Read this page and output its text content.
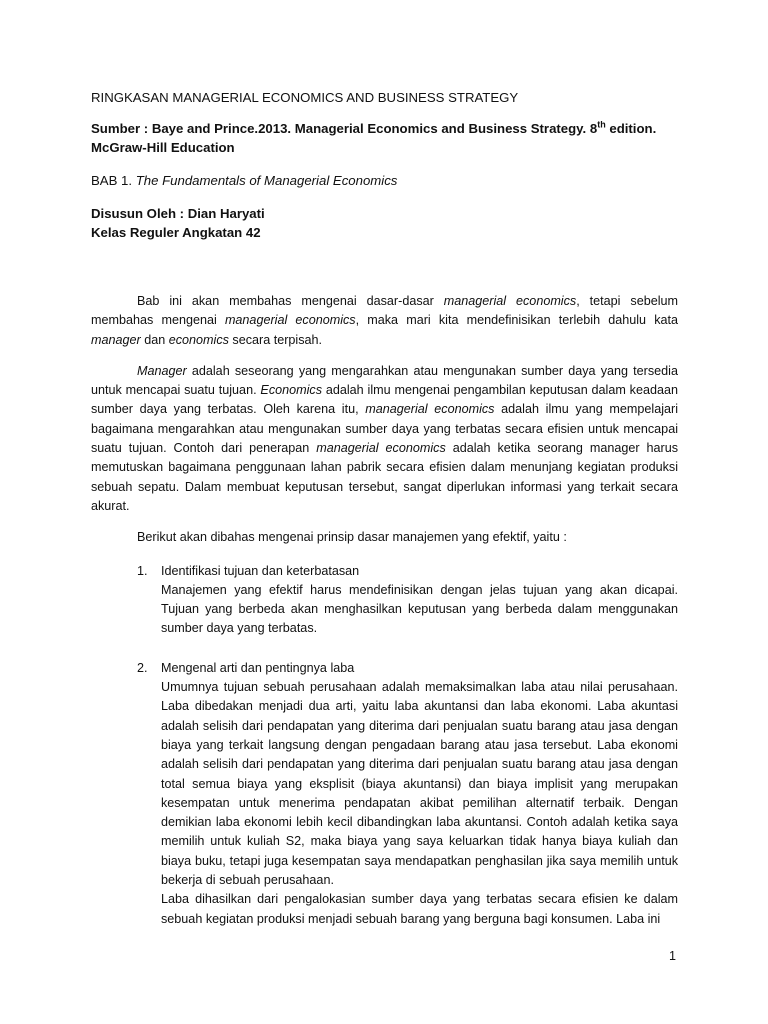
RINGKASAN MANAGERIAL ECONOMICS AND BUSINESS STRATEGY

Sumber : Baye and Prince.2013. Managerial Economics and Business Strategy. 8th edition.

McGraw-Hill Education

BAB 1. The Fundamentals of Managerial Economics

Disusun Oleh : Dian Haryati

Kelas Reguler Angkatan 42

Bab ini akan membahas mengenai dasar-dasar managerial economics, tetapi sebelum membahas mengenai managerial economics, maka mari kita mendefinisikan terlebih dahulu kata manager dan economics secara terpisah.

Manager adalah seseorang yang mengarahkan atau mengunakan sumber daya yang tersedia untuk mencapai suatu tujuan. Economics adalah ilmu mengenai pengambilan keputusan dalam keadaan sumber daya yang terbatas. Oleh karena itu, managerial economics adalah ilmu yang mempelajari bagaimana mengarahkan atau mengunakan sumber daya yang terbatas secara efisien untuk mencapai suatu tujuan. Contoh dari penerapan managerial economics adalah ketika seorang manager harus memutuskan bagaimana penggunaan lahan pabrik secara efisien dalam menunjang kegiatan produksi sebuah sepatu. Dalam membuat keputusan tersebut, sangat diperlukan informasi yang terkait secara akurat.

Berikut akan dibahas mengenai prinsip dasar manajemen yang efektif, yaitu :

1. Identifikasi tujuan dan keterbatasan
Manajemen yang efektif harus mendefinisikan dengan jelas tujuan yang akan dicapai. Tujuan yang berbeda akan menghasilkan keputusan yang berbeda dalam menggunakan sumber daya yang terbatas.
2. Mengenal arti dan pentingnya laba
Umumnya tujuan sebuah perusahaan adalah memaksimalkan laba atau nilai perusahaan. Laba dibedakan menjadi dua arti, yaitu laba akuntansi dan laba ekonomi. Laba akuntasi adalah selisih dari pendapatan yang diterima dari penjualan suatu barang atau jasa dengan biaya yang terkait langsung dengan pengadaan barang atau jasa tersebut. Laba ekonomi adalah selisih dari pendapatan yang diterima dari penjualan suatu barang atau jasa dengan total semua biaya yang eksplisit (biaya akuntansi) dan biaya implisit yang merupakan kesempatan untuk menerima pendapatan akibat pemilihan alternatif terbaik. Dengan demikian laba ekonomi lebih kecil dibandingkan laba akuntansi. Contoh adalah ketika saya memilih untuk kuliah S2, maka biaya yang saya keluarkan tidak hanya biaya kuliah dan biaya buku, tetapi juga kesempatan saya mendapatkan penghasilan jika saya memilih untuk bekerja di sebuah perusahaan.
Laba dihasilkan dari pengalokasian sumber daya yang terbatas secara efisien ke dalam sebuah kegiatan produksi menjadi sebuah barang yang berguna bagi konsumen. Laba ini
1
